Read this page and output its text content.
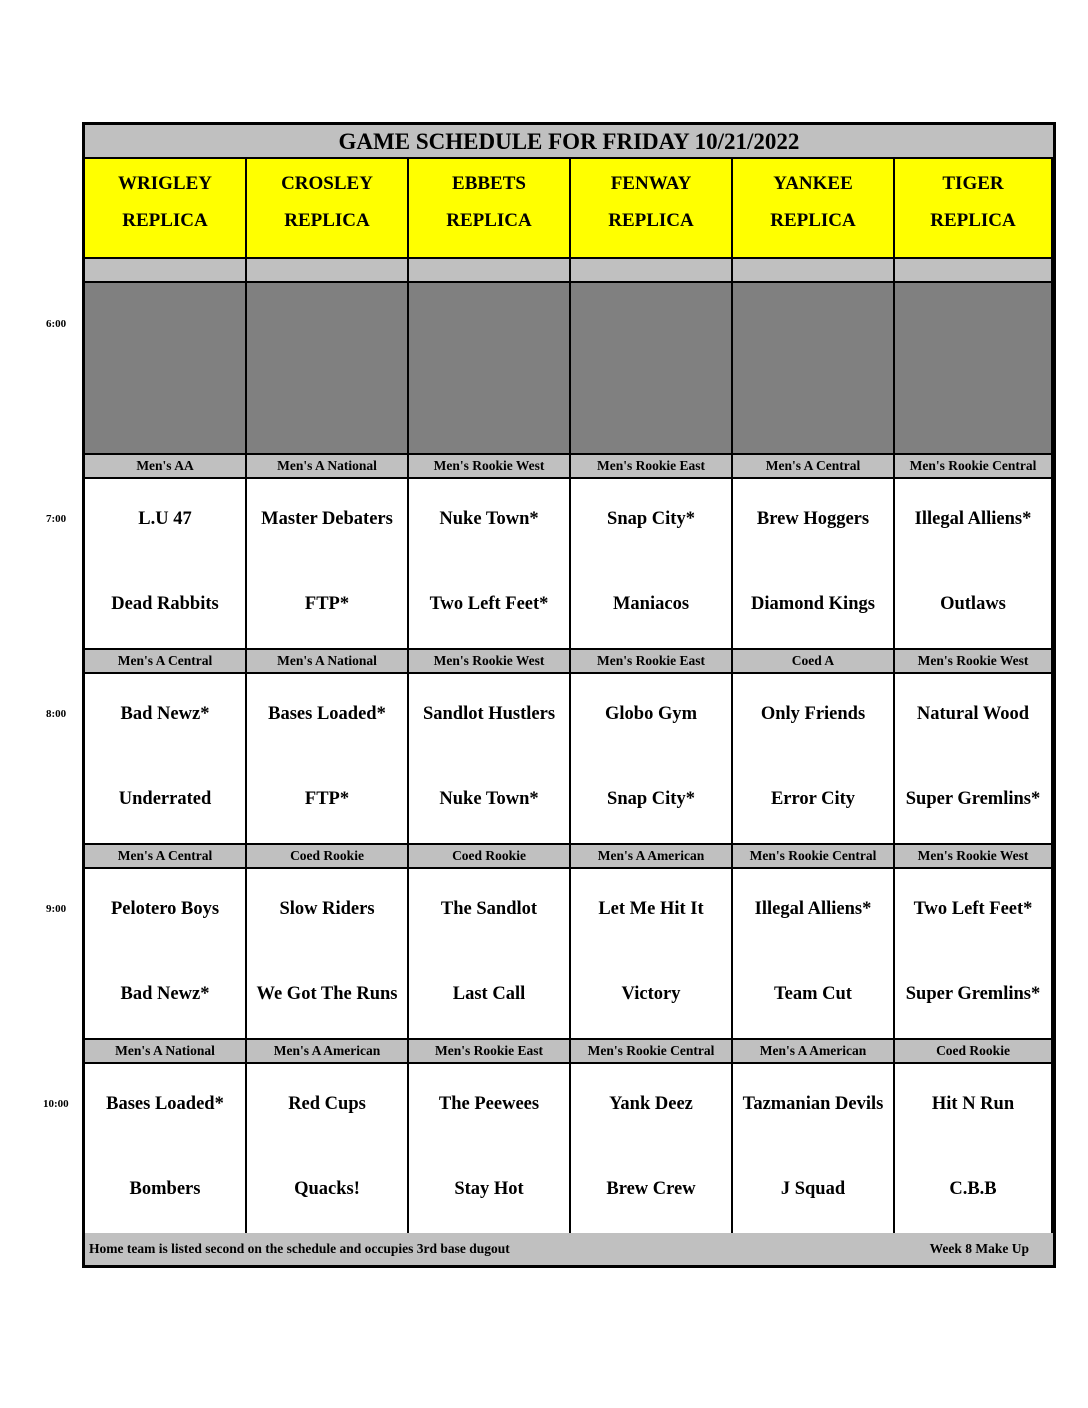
6:00
7:00
8:00
9:00
10:00
GAME SCHEDULE FOR FRIDAY 10/21/2022
WRIGLEY
REPLICA
CROSLEY
REPLICA
EBBETS
REPLICA
FENWAY
REPLICA
YANKEE
REPLICA
TIGER
REPLICA
Men's AA
L.U 47
Dead Rabbits
Men's A National
Master Debaters
FTP*
Men's Rookie West
Nuke Town*
Two Left Feet*
Men's Rookie East
Snap City*
Maniacos
Men's A Central
Brew Hoggers
Diamond Kings
Men's Rookie Central
Illegal Alliens*
Outlaws
Men's A Central
Bad Newz*
Underrated
Men's A National
Bases Loaded*
FTP*
Men's Rookie West
Sandlot Hustlers
Nuke Town*
Men's Rookie East
Globo Gym
Snap City*
Coed A
Only Friends
Error City
Men's Rookie West
Natural Wood
Super Gremlins*
Men's A Central
Pelotero Boys
Bad Newz*
Coed Rookie
Slow Riders
We Got The Runs
Coed Rookie
The Sandlot
Last Call
Men's A American
Let Me Hit It
Victory
Men's Rookie Central
Illegal Alliens*
Team Cut
Men's Rookie West
Two Left Feet*
Super Gremlins*
Men's A National
Bases Loaded*
Bombers
Men's A American
Red Cups
Quacks!
Men's Rookie East
The Peewees
Stay Hot
Men's Rookie Central
Yank Deez
Brew Crew
Men's A American
Tazmanian Devils
J Squad
Coed Rookie
Hit N Run
C.B.B
Home team is listed second on the schedule and occupies 3rd base dugout	Week 8 Make Up
